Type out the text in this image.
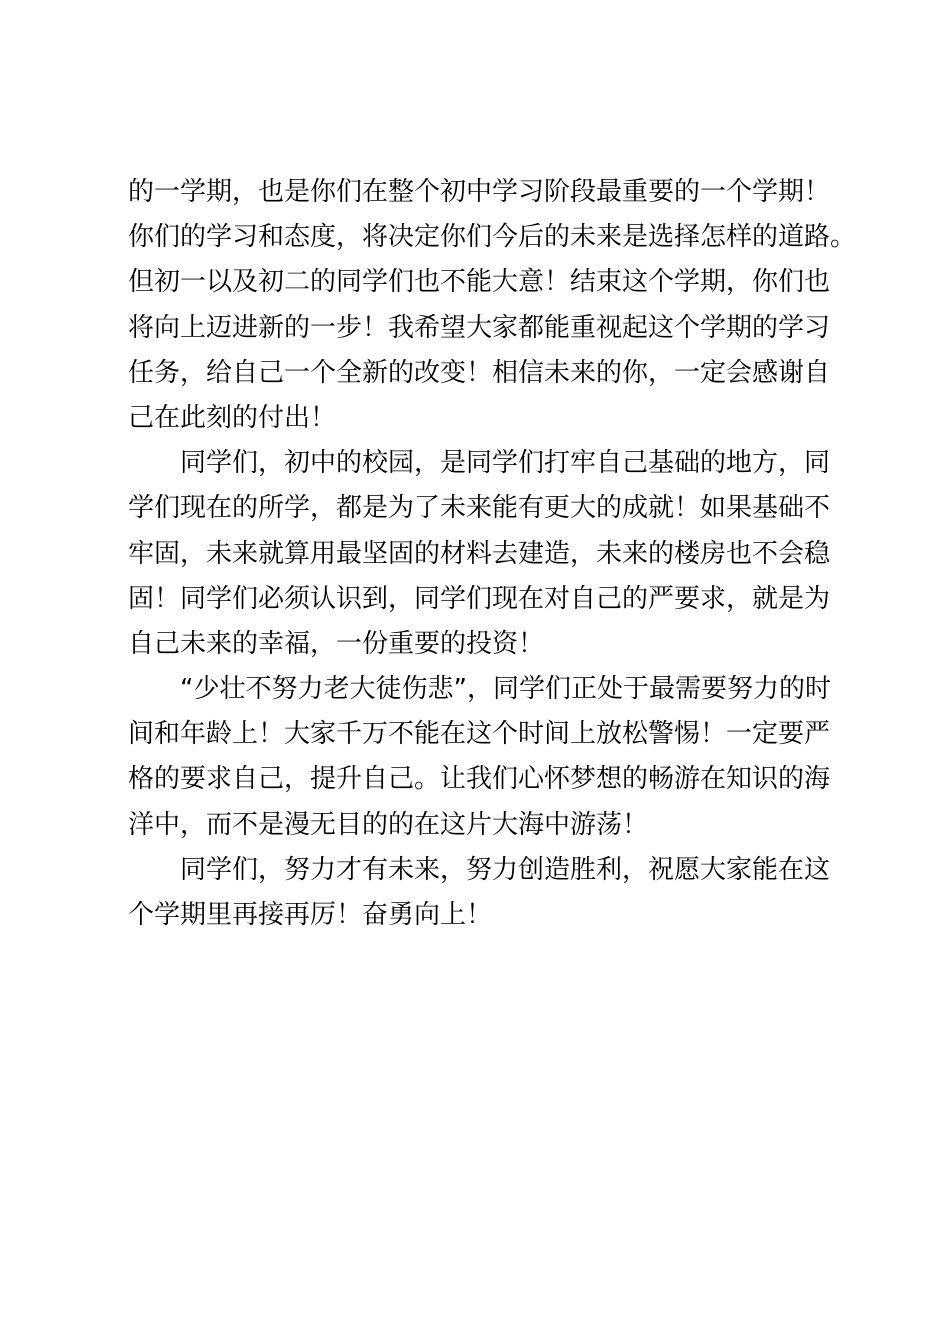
的一学期，也是你们在整个初中学习阶段最重要的一个学期！
你们的学习和态度，将决定你们今后的未来是选择怎样的道路。
但初一以及初二的同学们也不能大意！结束这个学期，你们也
将向上迈进新的一步！我希望大家都能重视起这个学期的学习
任务，给自己一个全新的改变！相信未来的你，一定会感谢自
己在此刻的付出！
同学们，初中的校园，是同学们打牢自己基础的地方，同
学们现在的所学，都是为了未来能有更大的成就！如果基础不
牢固，未来就算用最坚固的材料去建造，未来的楼房也不会稳
固！同学们必须认识到，同学们现在对自己的严要求，就是为
自己未来的幸福，一份重要的投资！
“少壮不努力老大徒伤悲”，同学们正处于最需要努力的时
间和年龄上！大家千万不能在这个时间上放松警惕！一定要严
格的要求自己，提升自己。让我们心怀梦想的畅游在知识的海
洋中，而不是漫无目的的在这片大海中游荡！
同学们，努力才有未来，努力创造胜利，祝愿大家能在这
个学期里再接再厉！奋勇向上！
